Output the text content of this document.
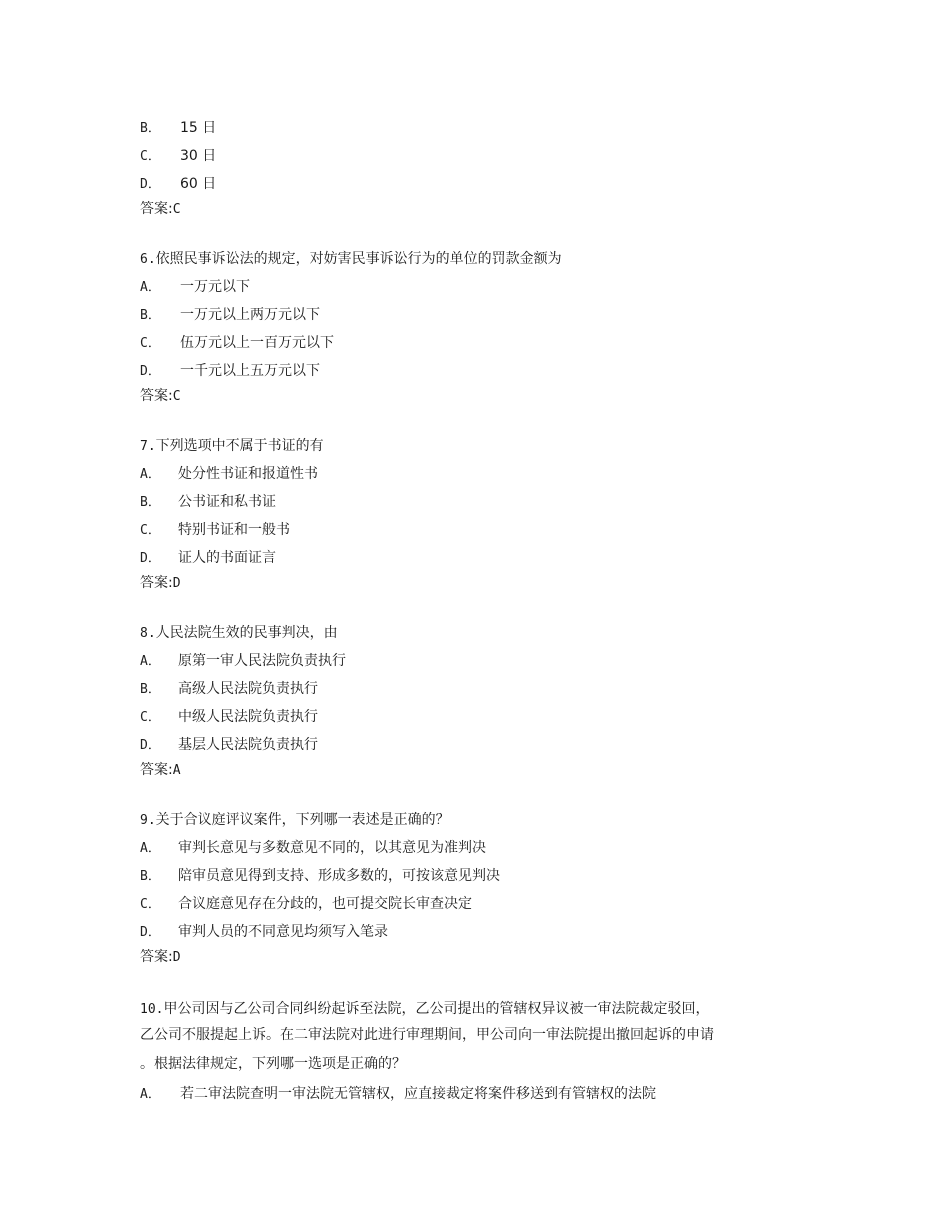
B． 15 日
C． 30 日
D． 60 日
答案:C
6.依照民事诉讼法的规定，对妨害民事诉讼行为的单位的罚款金额为
A． 一万元以下
B． 一万元以上两万元以下
C． 伍万元以上一百万元以下
D． 一千元以上五万元以下
答案:C
7.下列选项中不属于书证的有
A． 处分性书证和报道性书
B． 公书证和私书证
C． 特别书证和一般书
D． 证人的书面证言
答案:D
8.人民法院生效的民事判决，由
A． 原第一审人民法院负责执行
B． 高级人民法院负责执行
C． 中级人民法院负责执行
D． 基层人民法院负责执行
答案:A
9.关于合议庭评议案件，下列哪一表述是正确的？
A． 审判长意见与多数意见不同的，以其意见为准判决
B． 陪审员意见得到支持、形成多数的，可按该意见判决
C． 合议庭意见存在分歧的，也可提交院长审查决定
D． 审判人员的不同意见均须写入笔录
答案:D
10.甲公司因与乙公司合同纠纷起诉至法院，乙公司提出的管辖权异议被一审法院裁定驳回，
乙公司不服提起上诉。在二审法院对此进行审理期间，甲公司向一审法院提出撤回起诉的申请
。根据法律规定，下列哪一选项是正确的？
A． 若二审法院查明一审法院无管辖权，应直接裁定将案件移送到有管辖权的法院
